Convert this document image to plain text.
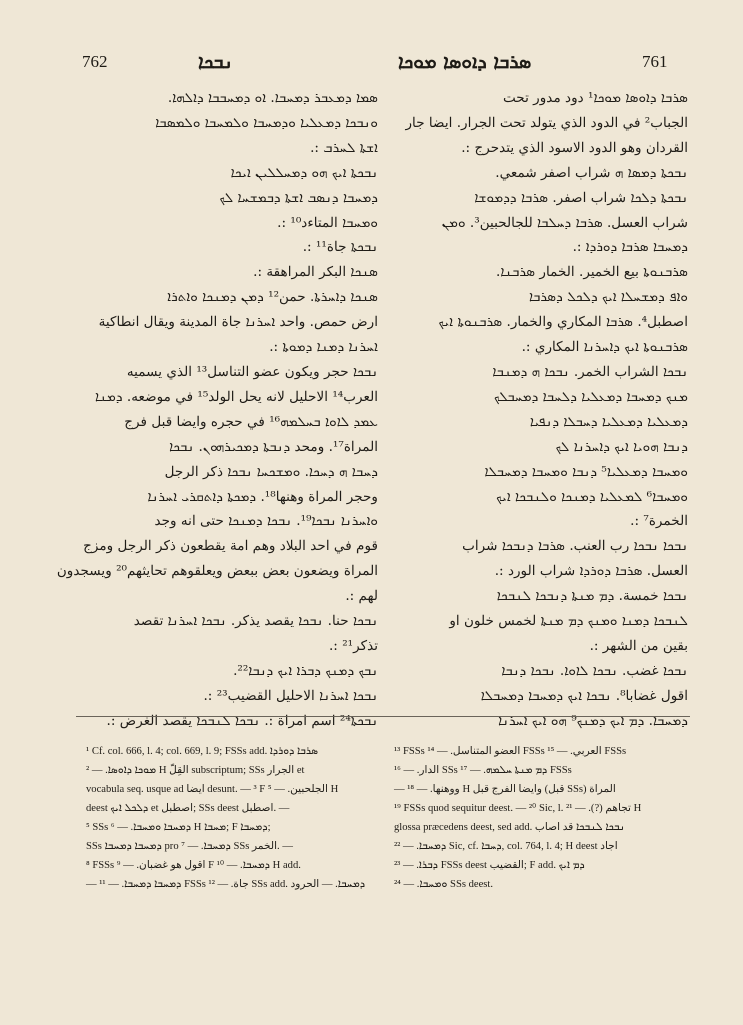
762	ܢܒܟܐ	ܣܪܒܐ ܕܐܘܣܐ ܡܘܟܐ	761
ܣܡܐ ܕܡܥܒܪ ܕܡܚܒܐ. ܐܘ ܕܡܚܒܒܐ ܕܐܠܗܐ.
ܘܢܒܟܐ ܕܡܥܠܝܐ ܘܕܡܚܒܐ ܘܠܡܚܒܐ ܘܠܡܣܒܐ
ܐܫܬܐ ܠܚܪܒ :.
ܢܒܟܬܐ ܐܝܟ ܗܘ ܕܡܚܠܠܝܢ ܐܝܟܐ
ܕܡܚܒܐ ܕܢܣܒ ܐܫܬܐ ܕܒܡܫܚܐ ܠܟ
ܘܡܚܒܐ المتاءد¹⁰ :.
ܢܒܟܬܐ جاة¹¹ :.
ܣܢܟܐ البكر المراهقة :.
ܣܢܟܐ ܕܐܚܪܬܐ. حمن¹² ܕܡܢ ܕܡܢܟܐ ܘܐܬܪܐ
ارض حمص. واحد ܐܚܪܢܐ جاة المدينة ويقال انطاكية
ܐܚܪܢܐ ܕܡܢܐ ܕܡܘܬܐ :.
ܢܒܟܐ حجر ويكون عضو التناسل¹³ الذي يسميه
العرب¹⁴ الاحليل لانه يحل الولد¹⁵ في موضعه. ܕܡܢܐ
ܥܡܕ ܠܐܘܐ ܒܚܠܡܗ¹⁶ في حجره وايضا قبل فرج
المراة¹⁷. ومحد ܕܢܒܬܐ ܕܡܟܝܪܗܘܢ. ܢܒܟܐ
ܕܚܒܐ ܗ ܕܚܟܐ. ܘܡܫܟܚܐ ܢܒܟܐ ذكر الرجل
وحجر المراة وهنها¹⁸. ܕܡܟܬܐ ܕܐܬܩܪܝ ܐܚܪܢܐ
ܘܐܚܪܢܐ ܢܒܟܐ¹⁹. ܢܒܟܐ ܕܡܢܟܐ حتى انه وجد
قوم في احد البلاد وهم امة يقطعون ذكر الرجل ومزج
المراة ويضعون بعض ببعض ويعلقوهم تحايثهم²⁰ ويسجدون
لهم :.
ܢܒܟܐ حنا. ܢܒܟܐ يقصد يذكر. ܢܒܟܐ ܐܚܪܢܐ تقصد
تذكر²¹ :.
ܢܒܟ ܕܡܢܟ ܕܒܪܐ ܐܝܟ ܕܢܒܐ²².
ܢܒܟܐ ܐܚܪܢܐ الاحليل القضيب²³ :.
ܢܒܟܬܐ²⁴ اسم امراة :. ܢܒܟܐ ܠܢܒܟܐ يقصد الغرض :.
ܣܪܒܐ ܕܐܘܣܐ ܡܘܟܐ¹ دود مدور تحت
الجباب² في الدود الذي يتولد تحت الجرار. ايضا جار
القردان وهو الدود الاسود الذي يتدحرج :.
ܢܒܟܬܐ ܕܡܣܐ ܗ شراب اصفر شمعي.
ܢܒܟܬܐ ܕܠܟܐ شراب اصفر. ܣܪܒܐ ܕܕܡܘܫܐ
شراب العسل. ܣܪܒܐ ܕܚܠܒܐ للجالحبين³. ܘܡܢ
ܕܡܚܒܐ ܣܪܒܐ ܕܘܪܕܐ :.
ܣܪܒܢܘܬܐ بيع الخمير. الخمار ܣܪܒܢܐ.
ܘܐܦ ܕܡܫܚܠܐ ܐܝܟ ܕܠܟܠ ܕܣܪܒܐ
اصطبل⁴. ܣܪܒܐ المكاري والخمار. ܣܪܒܢܘܬܐ ܐܝܟ
ܣܪܒܢܘܬܐ ܐܝܟ ܕܐܚܪܢܐ المكاري :.
ܢܒܟܐ الشراب الخمر. ܢܒܟܐ ܗ ܕܡܢܒܐ
ܡܢܟ ܕܡܚܒܐ ܕܡܥܠܝܐ ܕܠܚܒܐ ܕܡܚܒܠܟ
ܕܡܥܠܝܐ ܕܡܥܠܝܐ ܕܚܒܠܐ ܕܢܦܝܐ
ܕܢܒܐ ܗܘܝܐ ܐܝܟ ܕܐܚܪܢܐ ܠܟ
ܘܡܚܒܐ ܕܡܥܠܝܐ⁵ ܕܢܒܐ ܘܡܚܒܐ ܕܡܚܒܠܐ
ܘܡܚܒܐ⁶ ܠܡܥܠܝܐ ܕܡܢܟܐ ܘܠܢܒܟܐ ܐܝܟ
الخمرة⁷ :.
ܢܒܟܐ ܢܒܟܐ رب العنب. ܣܪܒܐ ܕܢܒܟܐ شراب
العسل. ܣܪܒܐ ܕܘܪܕܐ شراب الورد :.
ܢܒܟܐ خمسة. ܕܡ ܡܢܬܐ ܕܢܒܟܐ ܠܢܒܟܐ
ܠܢܒܟܐ ܕܡܢܐ ܘܡܢܟ ܕܡ ܡܢܬܐ لخمس خلون او
بقين من الشهر :.
ܢܒܟܐ غضب. ܢܒܟܐ ܠܐܘܐ. ܢܒܟܐ ܕܢܒܐ
اقول غضابا⁸. ܢܒܟܐ ܐܝܟ ܕܡܚܒܐ ܕܡܚܒܠܐ
ܕܡܚܒܐ. ܕܡ ܐܝܟ ܕܡܢܟ⁹ ܗܘ ܐܝܟ ܐܚܪܢܐ
¹ Cf. col. 666, l. 4; col. 669, l. 9; FSSs add. ܣܪܒܐ ܕܘܪܕܐ
ܡܘܟܐ ܕܐܘܣܐ. — ² H القِلّ subscriptum; SSs الجرار et
vocabula seq. usque ad ايضا desunt. — ³ F الجلحبين. — ⁵ H
deest ܕܠܟܠ ܐܝܟ et اصطبل; SSs deest اصطبل. —
⁵ SSs ܕܡܚܒܐ ܘܡܚܒܐ. — ⁶ H ܡܚܒܐ; F ܕܡܚܒܐ;
SSs ܕܡܚܒܐ ܕܡܚܒܐ pro ܕܡܚܒܐ. — ⁷ SSs الخمر. —
⁸ FSSs اقول هو غضبان. — ⁹ F ܕܡܚܒܐ. — ¹⁰ H add.
— ܕܡܚܒܐ ܕܡܚܒܐ. — ¹¹ FSSs جاة. — ¹² SSs add. ܕܡܚܒܐ. — الحرود
¹³ FSSs العضو المتناسل. — ¹⁴ FSSs العربي. — ¹⁵ FSSs
الدار. — ¹⁶ SSs ܕܡ ܡܢܬܐ ܚܠܡܗ. — ¹⁷ FSSs
— ووهنها. — ¹⁸ H وايضا الفرج قبل (قبل SSs) المراة
¹⁹ FSSs quod sequitur deest. — ²⁰ Sic, l. تجاهم (?). — ²¹ H
glossa præcedens deest, sed add. ܢܒܟܐ ܠܢܒܟܐ قد اصاب
ܕܡܚܒܐ. — ²² Sic, cf. ܕܚܒܐ, col. 764, l. 4; H deest اجاد
ܕܒܪܐ. — ²³ FSSs deest القضيب; F add. ܕܡ ܐܝܟ
ܘܡܚܒܐ. — ²⁴ SSs deest.
